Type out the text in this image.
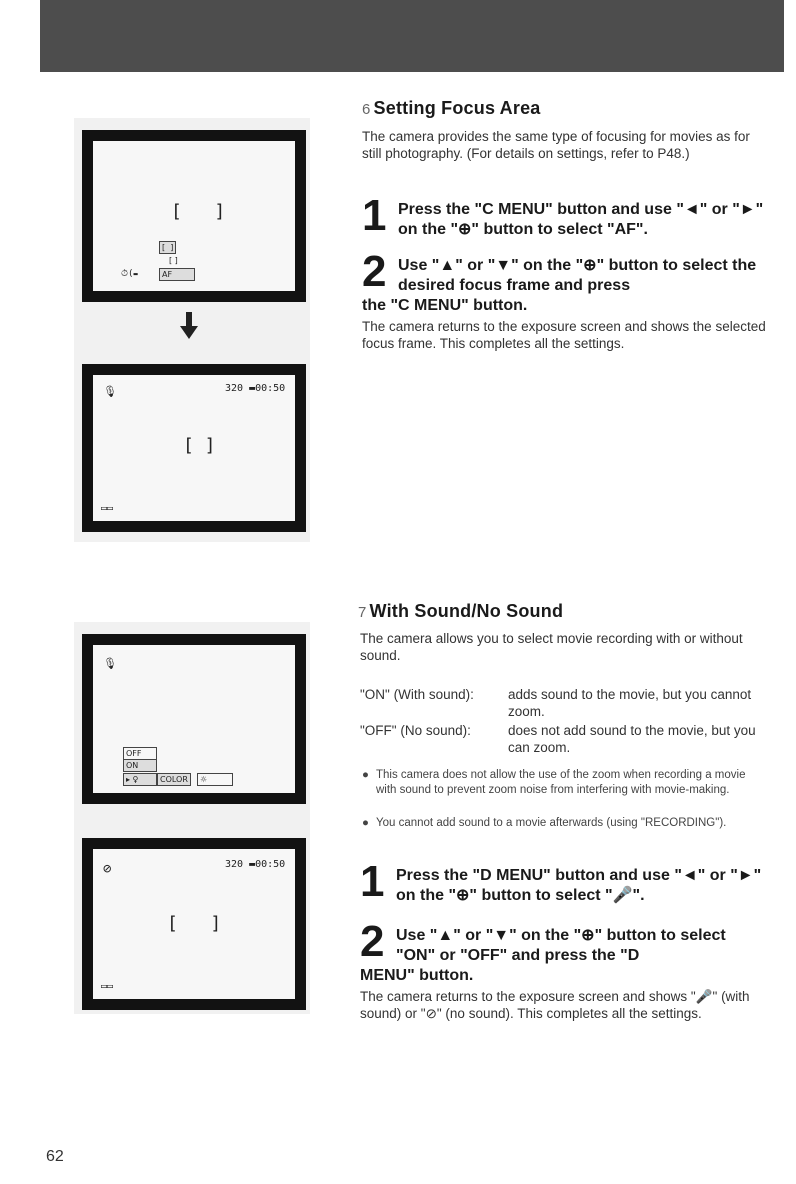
[   ]
[  ]
[ ]
⏱(▬	AF
🎙	320 ▬00:50
[ ]
▭▭
🎙
OFF
ON
▸ ♀	COLOR	☼
⊘	320 ▬00:50
[   ]
▭▭
6 Setting Focus Area

The camera provides the same type of focusing for movies as for still photography. (For details on settings, refer to P48.)

1 Press the "C MENU" button and use "◄" or "►" on the "⊕" button to select "AF".
2 Use "▲" or "▼" on the "⊕" button to select the desired focus frame and press
the "C MENU" button.

The camera returns to the exposure screen and shows the selected focus frame. This completes all the settings.

7 With Sound/No Sound

The camera allows you to select movie recording with or without sound.

"ON" (With sound):	adds sound to the movie, but you cannot zoom.
"OFF" (No sound):	does not add sound to the movie, but you can zoom.
● This camera does not allow the use of the zoom when recording a movie with sound to prevent zoom noise from interfering with movie-making.
● You cannot add sound to a movie afterwards (using "RECORDING").
1 Press the "D MENU" button and use "◄" or "►" on the "⊕" button to select "🎤".
2 Use "▲" or "▼" on the "⊕" button to select "ON" or "OFF" and press the "D
MENU" button.

The camera returns to the exposure screen and shows "🎤" (with sound) or "⊘" (no sound). This completes all the settings.

62
